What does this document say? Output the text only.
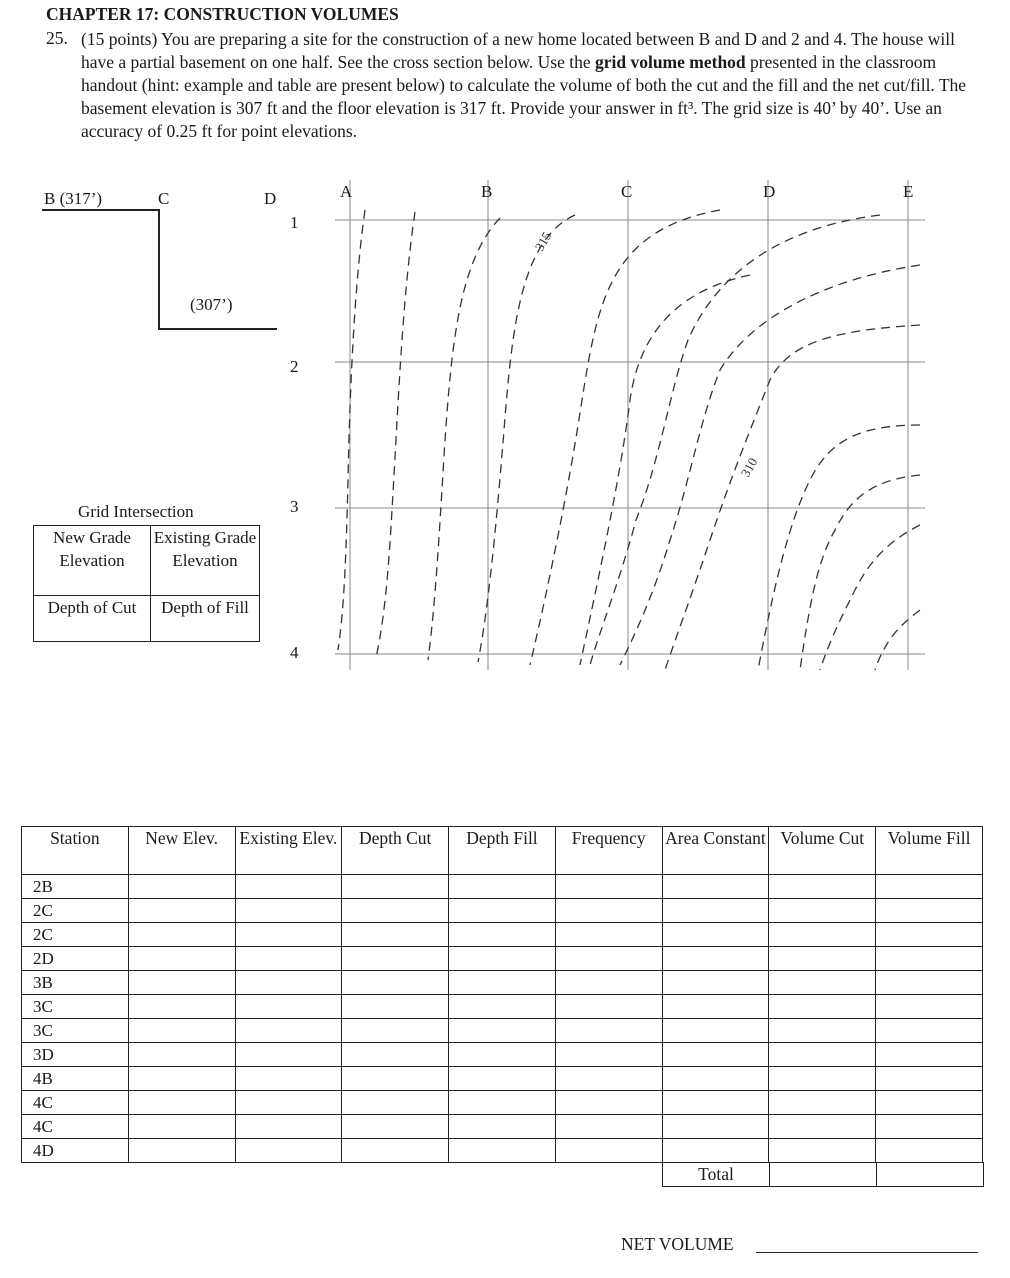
CHAPTER 17: CONSTRUCTION VOLUMES
25. (15 points) You are preparing a site for the construction of a new home located between B and D and 2 and 4. The house will have a partial basement on one half. See the cross section below. Use the grid volume method presented in the classroom handout (hint: example and table are present below) to calculate the volume of both the cut and the fill and the net cut/fill. The basement elevation is 307 ft and the floor elevation is 317 ft. Provide your answer in ft³. The grid size is 40’ by 40’. Use an accuracy of 0.25 ft for point elevations.
B (317’)	C	D
(307’)
Grid Intersection
New Grade Elevation	Existing Grade Elevation
Depth of Cut	Depth of Fill
A	B	C	D	E
1
2
3
4
315
310
Station	New Elev.	Existing Elev.	Depth Cut	Depth Fill	Frequency	Area Constant	Volume Cut	Volume Fill
2B								
2C								
2C								
2D								
3B								
3C								
3C								
3D								
4B								
4C								
4C								
4D								
Total		
NET VOLUME
